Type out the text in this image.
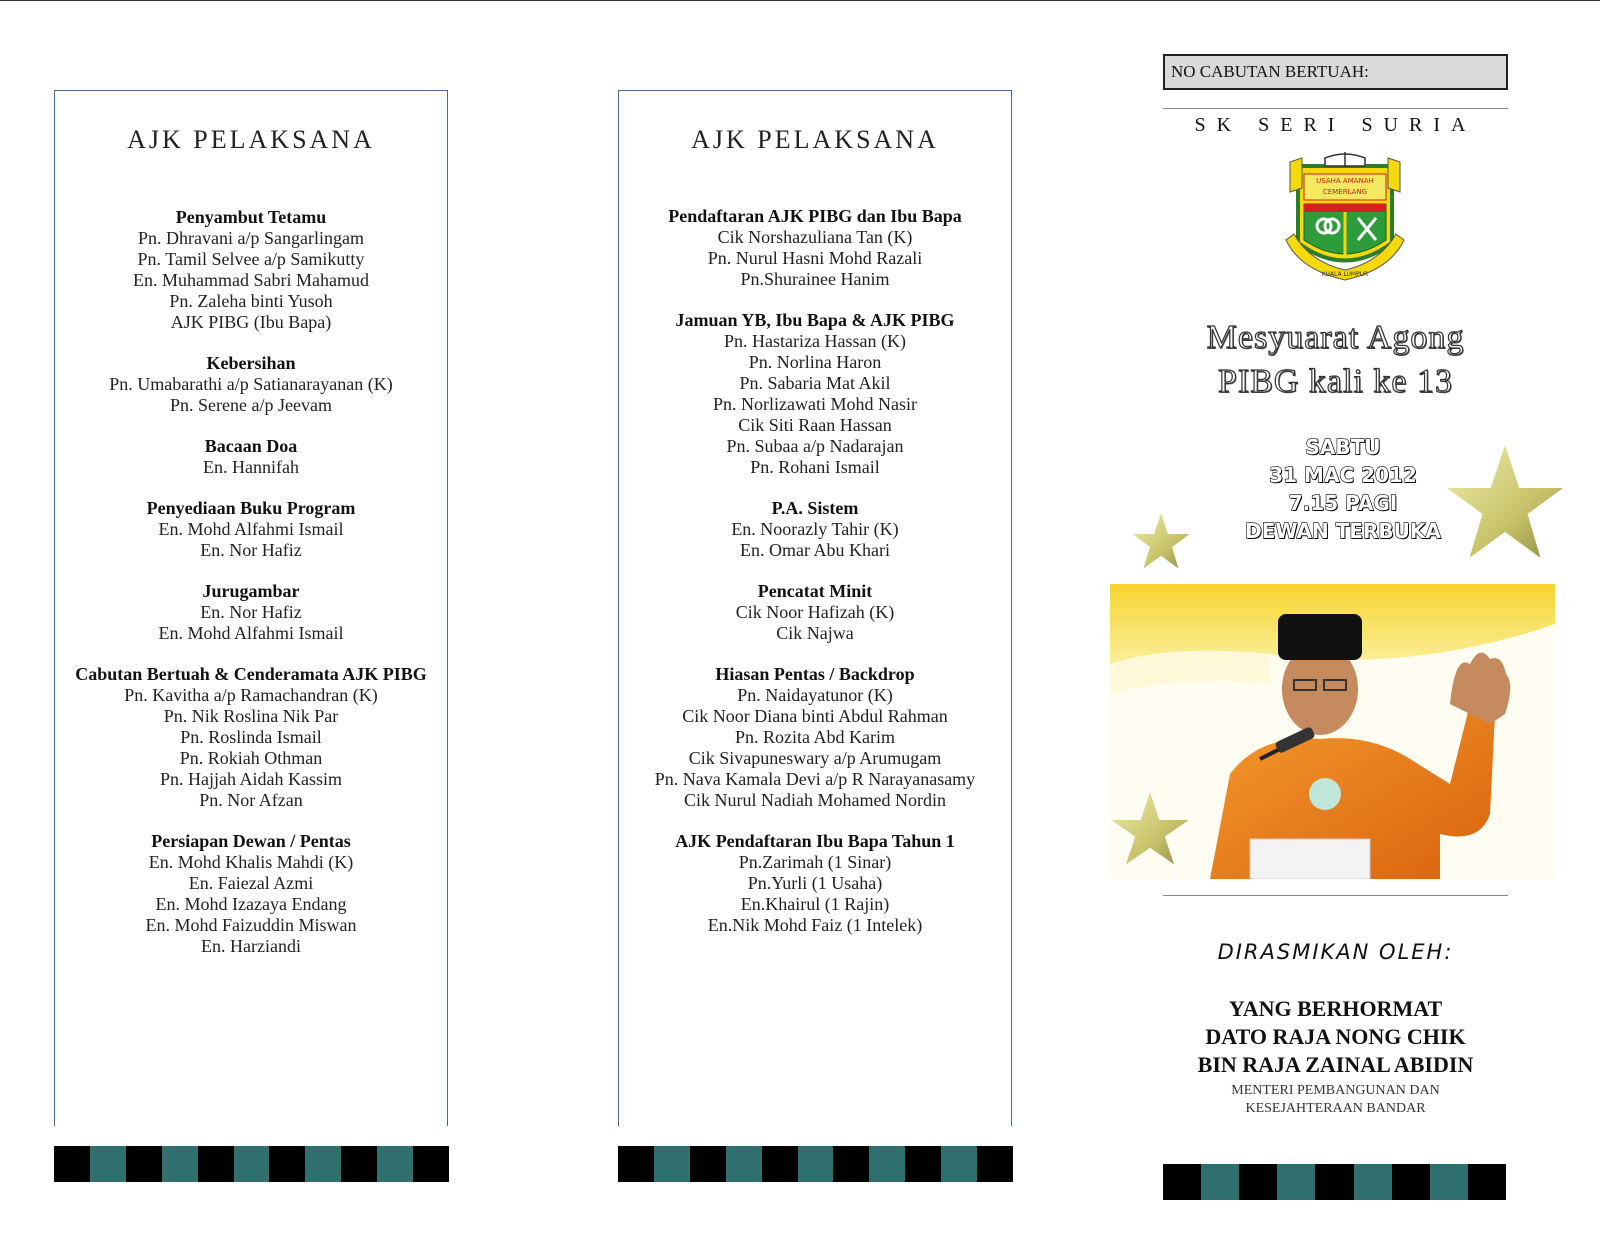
AJK PELAKSANA
Penyambut Tetamu
Pn. Dhravani a/p Sangarlingam
Pn. Tamil Selvee a/p Samikutty
En. Muhammad Sabri Mahamud
Pn. Zaleha binti Yusoh
AJK PIBG (Ibu Bapa)
Kebersihan
Pn. Umabarathi a/p Satianarayanan (K)
Pn. Serene a/p Jeevam
Bacaan Doa
En. Hannifah
Penyediaan Buku Program
En. Mohd Alfahmi Ismail
En. Nor Hafiz
Jurugambar
En. Nor Hafiz
En. Mohd Alfahmi Ismail
Cabutan Bertuah & Cenderamata AJK PIBG
Pn. Kavitha a/p Ramachandran (K)
Pn. Nik Roslina Nik Par
Pn. Roslinda Ismail
Pn. Rokiah Othman
Pn. Hajjah Aidah Kassim
Pn. Nor Afzan
Persiapan Dewan / Pentas
En. Mohd Khalis Mahdi (K)
En. Faiezal Azmi
En. Mohd Izazaya Endang
En. Mohd Faizuddin Miswan
En. Harziandi
AJK PELAKSANA
Pendaftaran AJK PIBG dan Ibu Bapa
Cik Norshazuliana Tan (K)
Pn. Nurul Hasni Mohd Razali
Pn.Shurainee Hanim
Jamuan YB, Ibu Bapa & AJK PIBG
Pn. Hastariza Hassan (K)
Pn. Norlina Haron
Pn. Sabaria Mat Akil
Pn. Norlizawati Mohd Nasir
Cik Siti Raan Hassan
Pn. Subaa a/p Nadarajan
Pn. Rohani Ismail
P.A. Sistem
En. Noorazly Tahir (K)
En. Omar Abu Khari
Pencatat Minit
Cik Noor Hafizah (K)
Cik Najwa
Hiasan Pentas / Backdrop
Pn. Naidayatunor (K)
Cik Noor Diana binti Abdul Rahman
Pn. Rozita Abd Karim
Cik Sivapuneswary a/p Arumugam
Pn. Nava Kamala Devi a/p R Narayanasamy
Cik Nurul Nadiah Mohamed Nordin
AJK Pendaftaran Ibu Bapa Tahun 1
Pn.Zarimah (1 Sinar)
Pn.Yurli (1 Usaha)
En.Khairul (1 Rajin)
En.Nik Mohd Faiz (1 Intelek)
NO CABUTAN BERTUAH:
SK SERI SURIA
USAHA AMANAH
CEMERLANG
KUALA LUMPUR
Mesyuarat Agong
PIBG kali ke 13
SABTU
31 MAC 2012
7.15 PAGI
DEWAN TERBUKA
DIRASMIKAN OLEH:
YANG BERHORMAT
DATO RAJA NONG CHIK
BIN RAJA ZAINAL ABIDIN
MENTERI PEMBANGUNAN DAN
KESEJAHTERAAN BANDAR
